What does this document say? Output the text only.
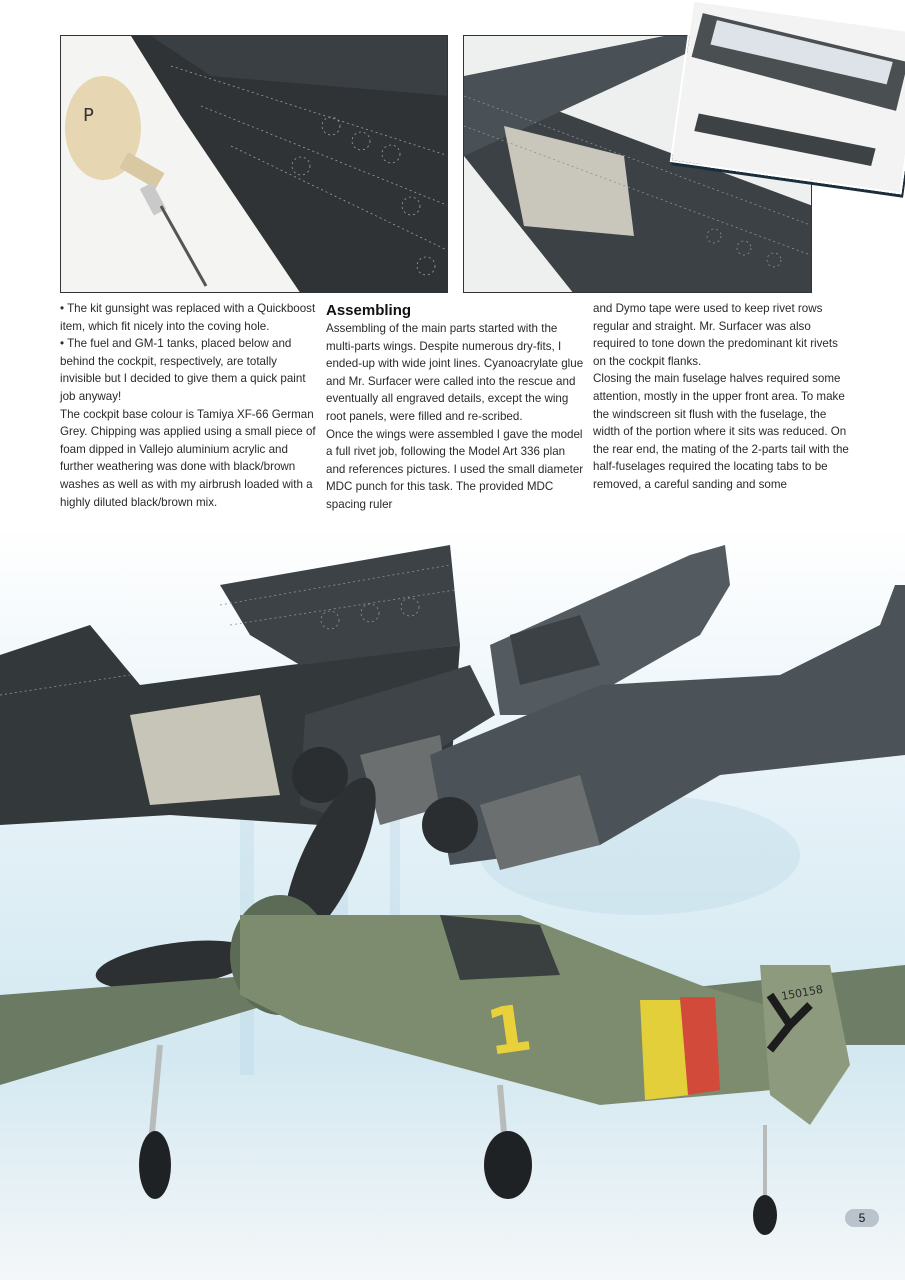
P

• The kit gunsight was replaced with a Quickboost item, which fit nicely into the coving hole.

• The fuel and GM-1 tanks, placed below and behind the cockpit, respectively, are totally invisible but I decided to give them a quick paint job anyway!

The cockpit base colour is Tamiya XF-66 German Grey. Chipping was applied using a small piece of foam dipped in Vallejo aluminium acrylic and further weathering was done with black/brown washes as well as with my airbrush loaded with a highly diluted black/brown mix.

Assembling

Assembling of the main parts started with the multi-parts wings. Despite numerous dry-fits, I ended-up with wide joint lines. Cyanoacrylate glue and Mr. Surfacer were called into the rescue and eventually all engraved details, except the wing root panels, were filled and re-scribed.

Once the wings were assembled I gave the model a full rivet job, following the Model Art 336 plan and references pictures. I used the small diameter MDC punch for this task. The provided MDC spacing ruler

and Dymo tape were used to keep rivet rows regular and straight. Mr. Surfacer was also required to tone down the predominant kit rivets on the cockpit flanks.

Closing the main fuselage halves required some attention, mostly in the upper front area. To make the windscreen sit flush with the fuselage, the width of the portion where it sits was reduced. On the rear end, the mating of the 2-parts tail with the half-fuselages required the locating tabs to be removed, a careful sanding and some

1	150158
5
